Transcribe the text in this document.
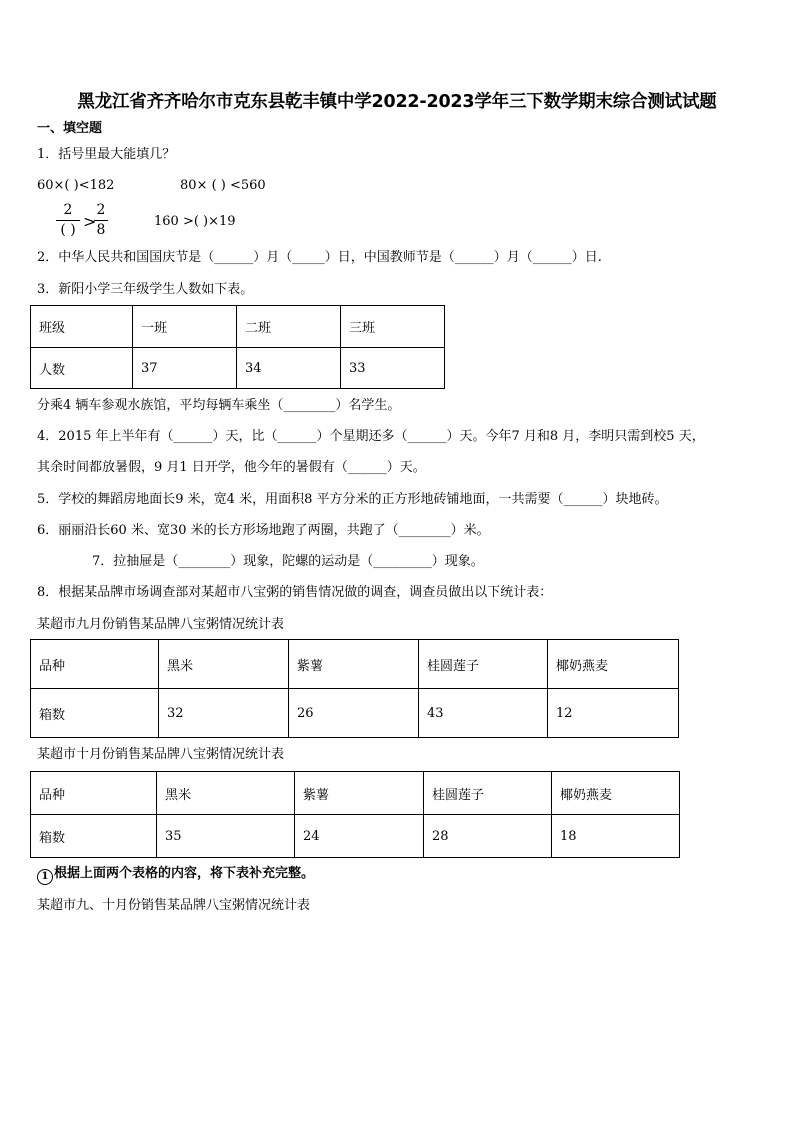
黑龙江省齐齐哈尔市克东县乾丰镇中学2022-2023学年三下数学期末综合测试试题
一、填空题
1．括号里最大能填几？
60×( )<182	80× ( ) <560
2
( ) >
2
8
160 >( )×19
2．中华人民共和国国庆节是（______）月（_____）日，中国教师节是（______）月（______）日.
3．新阳小学三年级学生人数如下表。
班级	一班	二班	三班
人数	37	34	33
分乘4 辆车参观水族馆，平均每辆车乘坐（________）名学生。
4．2015 年上半年有（______）天，比（______）个星期还多（______）天。今年7 月和8 月，李明只需到校5 天，
其余时间都放暑假，9 月1 日开学，他今年的暑假有（______）天。
5．学校的舞蹈房地面长9 米，宽4 米，用面积8 平方分米的正方形地砖铺地面，一共需要（______）块地砖。
6．丽丽沿长60 米、宽30 米的长方形场地跑了两圈，共跑了（________）米。
7．拉抽屉是（________）现象，陀螺的运动是（_________）现象。
8．根据某品牌市场调查部对某超市八宝粥的销售情况做的调查，调查员做出以下统计表：
某超市九月份销售某品牌八宝粥情况统计表
品种	黑米	紫薯	桂圆莲子	椰奶燕麦
箱数	32	26	43	12
某超市十月份销售某品牌八宝粥情况统计表
品种	黑米	紫薯	桂圆莲子	椰奶燕麦
箱数	35	24	28	18
1 根据上面两个表格的内容，将下表补充完整。
某超市九、十月份销售某品牌八宝粥情况统计表
